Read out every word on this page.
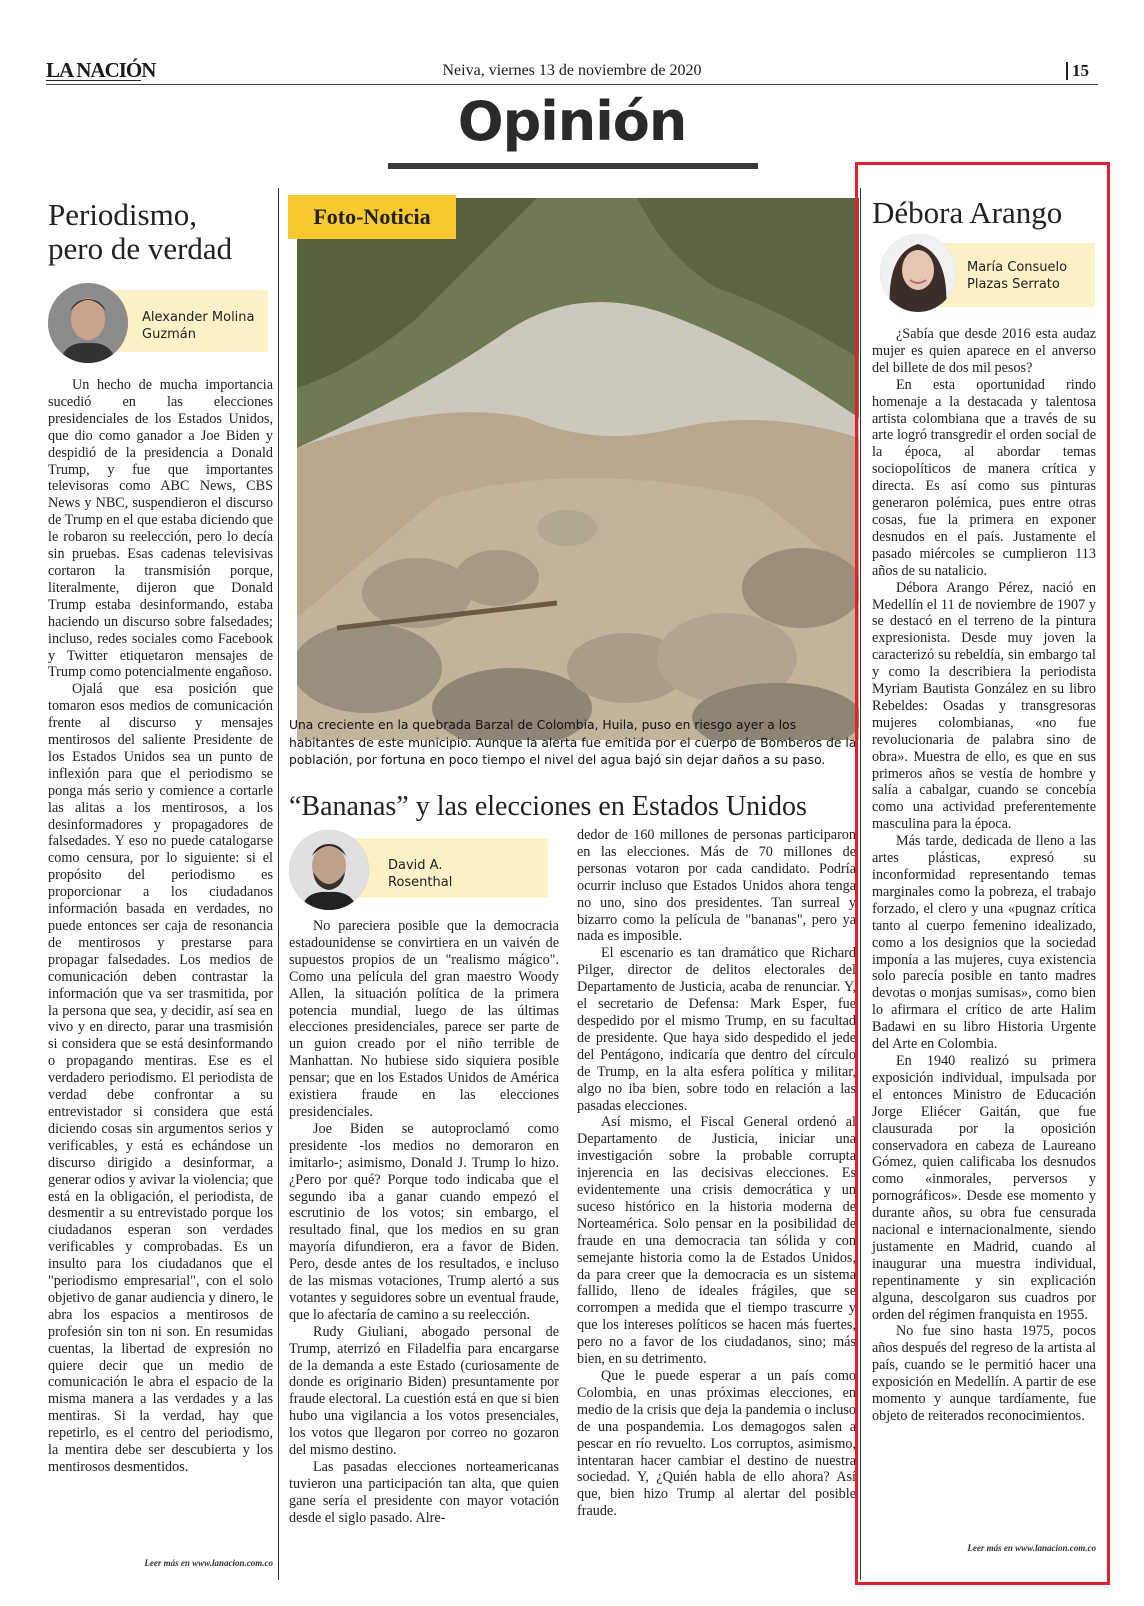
LA NACIÓN	Neiva, viernes 13 de noviembre de 2020	15
Opinión
Periodismo,
pero de verdad
Alexander Molina
Guzmán

Un hecho de mucha importancia sucedió en las elecciones presidenciales de los Estados Unidos, que dio como ganador a Joe Biden y despidió de la presidencia a Donald Trump, y fue que importantes televisoras como ABC News, CBS News y NBC, suspendieron el discurso de Trump en el que estaba diciendo que le robaron su reelección, pero lo decía sin pruebas. Esas cadenas televisivas cortaron la transmisión porque, literalmente, dijeron que Donald Trump estaba desinformando, estaba haciendo un discurso sobre falsedades; incluso, redes sociales como Facebook y Twitter etiquetaron mensajes de Trump como potencialmente engañoso.

Ojalá que esa posición que tomaron esos medios de comunicación frente al discurso y mensajes mentirosos del saliente Presidente de los Estados Unidos sea un punto de inflexión para que el periodismo se ponga más serio y comience a cortarle las alitas a los mentirosos, a los desinformadores y propagadores de falsedades. Y eso no puede catalogarse como censura, por lo siguiente: si el propósito del periodismo es proporcionar a los ciudadanos información basada en verdades, no puede entonces ser caja de resonancia de mentirosos y prestarse para propagar falsedades. Los medios de comunicación deben contrastar la información que va ser trasmitida, por la persona que sea, y decidir, así sea en vivo y en directo, parar una trasmisión si considera que se está desinformando o propagando mentiras. Ese es el verdadero periodismo. El periodista de verdad debe confrontar a su entrevistador si considera que está diciendo cosas sin argumentos serios y verificables, y está es echándose un discurso dirigido a desinformar, a generar odios y avivar la violencia; que está en la obligación, el periodista, de desmentir a su entrevistado porque los ciudadanos esperan son verdades verificables y comprobadas. Es un insulto para los ciudadanos que el "periodismo empresarial", con el solo objetivo de ganar audiencia y dinero, le abra los espacios a mentirosos de profesión sin ton ni son. En resumidas cuentas, la libertad de expresión no quiere decir que un medio de comunicación le abra el espacio de la misma manera a las verdades y a las mentiras. Si la verdad, hay que repetirlo, es el centro del periodismo, la mentira debe ser descubierta y los mentirosos desmentidos.

Leer más en www.lanacion.com.co
Foto-Noticia
Una creciente en la quebrada Barzal de Colombia, Huila, puso en riesgo ayer a los habitantes de este municipio. Aunque la alerta fue emitida por el cuerpo de Bomberos de la población, por fortuna en poco tiempo el nivel del agua bajó sin dejar daños a su paso.
“Bananas” y las elecciones en Estados Unidos
David A.
Rosenthal

No pareciera posible que la democracia estadounidense se convirtiera en un vaivén de supuestos propios de un "realismo mágico". Como una película del gran maestro Woody Allen, la situación política de la primera potencia mundial, luego de las últimas elecciones presidenciales, parece ser parte de un guion creado por el niño terrible de Manhattan. No hubiese sido siquiera posible pensar; que en los Estados Unidos de América existiera fraude en las elecciones presidenciales.

Joe Biden se autoproclamó como presidente -los medios no demoraron en imitarlo-; asimismo, Donald J. Trump lo hizo. ¿Pero por qué? Porque todo indicaba que el segundo iba a ganar cuando empezó el escrutinio de los votos; sin embargo, el resultado final, que los medios en su gran mayoría difundieron, era a favor de Biden. Pero, desde antes de los resultados, e incluso de las mismas votaciones, Trump alertó a sus votantes y seguidores sobre un eventual fraude, que lo afectaría de camino a su reelección.

Rudy Giuliani, abogado personal de Trump, aterrizó en Filadelfia para encargarse de la demanda a este Estado (curiosamente de donde es originario Biden) presuntamente por fraude electoral. La cuestión está en que si bien hubo una vigilancia a los votos presenciales, los votos que llegaron por correo no gozaron del mismo destino.

Las pasadas elecciones norteamericanas tuvieron una participación tan alta, que quien gane sería el presidente con mayor votación desde el siglo pasado. Alre-

dedor de 160 millones de personas participaron en las elecciones. Más de 70 millones de personas votaron por cada candidato. Podría ocurrir incluso que Estados Unidos ahora tenga no uno, sino dos presidentes. Tan surreal y bizarro como la película de "bananas", pero ya nada es imposible.

El escenario es tan dramático que Richard Pilger, director de delitos electorales del Departamento de Justicia, acaba de renunciar. Y, el secretario de Defensa: Mark Esper, fue despedido por el mismo Trump, en su facultad de presidente. Que haya sido despedido el jede del Pentágono, indicaría que dentro del círculo de Trump, en la alta esfera política y militar, algo no iba bien, sobre todo en relación a las pasadas elecciones.

Así mismo, el Fiscal General ordenó al Departamento de Justicia, iniciar una investigación sobre la probable corrupta injerencia en las decisivas elecciones. Es evidentemente una crisis democrática y un suceso histórico en la historia moderna de Norteamérica. Solo pensar en la posibilidad de fraude en una democracia tan sólida y con semejante historia como la de Estados Unidos, da para creer que la democracia es un sistema fallido, lleno de ideales frágiles, que se corrompen a medida que el tiempo trascurre y que los intereses políticos se hacen más fuertes, pero no a favor de los ciudadanos, sino; más bien, en su detrimento.

Que le puede esperar a un país como Colombia, en unas próximas elecciones, en medio de la crisis que deja la pandemia o incluso de una pospandemia. Los demagogos salen a pescar en río revuelto. Los corruptos, asimismo, intentaran hacer cambiar el destino de nuestra sociedad. Y, ¿Quién habla de ello ahora? Así que, bien hizo Trump al alertar del posible fraude.

Débora Arango
María Consuelo
Plazas Serrato

¿Sabía que desde 2016 esta audaz mujer es quien aparece en el anverso del billete de dos mil pesos?

En esta oportunidad rindo homenaje a la destacada y talentosa artista colombiana que a través de su arte logró transgredir el orden social de la época, al abordar temas sociopolíticos de manera crítica y directa. Es así como sus pinturas generaron polémica, pues entre otras cosas, fue la primera en exponer desnudos en el país. Justamente el pasado miércoles se cumplieron 113 años de su natalicio.

Débora Arango Pérez, nació en Medellín el 11 de noviembre de 1907 y se destacó en el terreno de la pintura expresionista. Desde muy joven la caracterizó su rebeldía, sin embargo tal y como la describiera la periodista Myriam Bautista González en su libro Rebeldes: Osadas y transgresoras mujeres colombianas, «no fue revolucionaria de palabra sino de obra». Muestra de ello, es que en sus primeros años se vestía de hombre y salía a cabalgar, cuando se concebía como una actividad preferentemente masculina para la época.

Más tarde, dedicada de lleno a las artes plásticas, expresó su inconformidad representando temas marginales como la pobreza, el trabajo forzado, el clero y una «pugnaz crítica tanto al cuerpo femenino idealizado, como a los designios que la sociedad imponía a las mujeres, cuya existencia solo parecía posible en tanto madres devotas o monjas sumisas», como bien lo afirmara el crítico de arte Halim Badawi en su libro Historia Urgente del Arte en Colombia.

En 1940 realizó su primera exposición individual, impulsada por el entonces Ministro de Educación Jorge Eliécer Gaitán, que fue clausurada por la oposición conservadora en cabeza de Laureano Gómez, quien calificaba los desnudos como «inmorales, perversos y pornográficos». Desde ese momento y durante años, su obra fue censurada nacional e internacionalmente, siendo justamente en Madrid, cuando al inaugurar una muestra individual, repentinamente y sin explicación alguna, descolgaron sus cuadros por orden del régimen franquista en 1955.

No fue sino hasta 1975, pocos años después del regreso de la artista al país, cuando se le permitió hacer una exposición en Medellín. A partir de ese momento y aunque tardíamente, fue objeto de reiterados reconocimientos.

Leer más en www.lanacion.com.co
